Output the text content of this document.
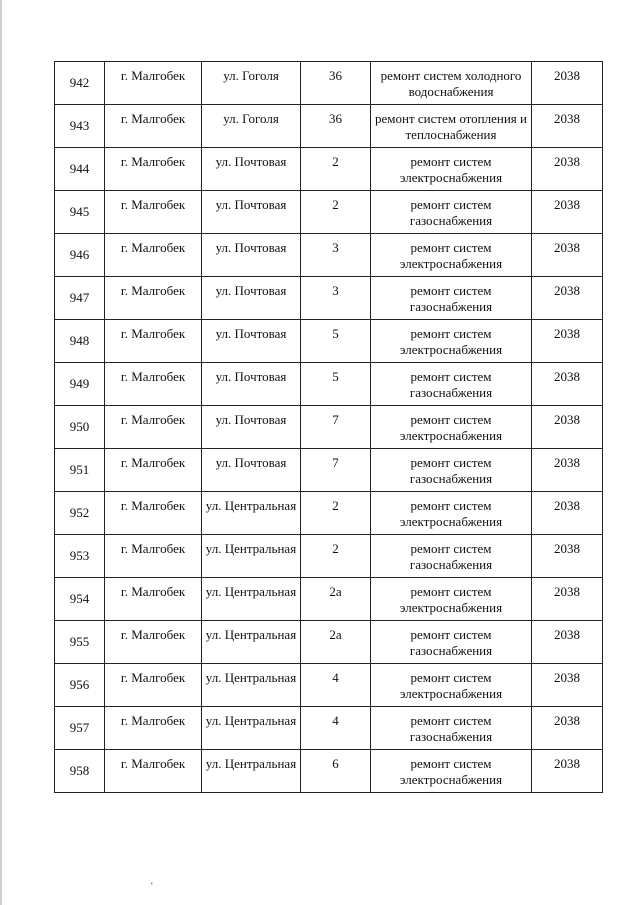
942	г. Малгобек	ул. Гоголя	36	ремонт систем холодного водоснабжения	2038
943	г. Малгобек	ул. Гоголя	36	ремонт систем отопления и теплоснабжения	2038
944	г. Малгобек	ул. Почтовая	2	ремонт систем электроснабжения	2038
945	г. Малгобек	ул. Почтовая	2	ремонт систем газоснабжения	2038
946	г. Малгобек	ул. Почтовая	3	ремонт систем электроснабжения	2038
947	г. Малгобек	ул. Почтовая	3	ремонт систем газоснабжения	2038
948	г. Малгобек	ул. Почтовая	5	ремонт систем электроснабжения	2038
949	г. Малгобек	ул. Почтовая	5	ремонт систем газоснабжения	2038
950	г. Малгобек	ул. Почтовая	7	ремонт систем электроснабжения	2038
951	г. Малгобек	ул. Почтовая	7	ремонт систем газоснабжения	2038
952	г. Малгобек	ул. Центральная	2	ремонт систем электроснабжения	2038
953	г. Малгобек	ул. Центральная	2	ремонт систем газоснабжения	2038
954	г. Малгобек	ул. Центральная	2а	ремонт систем электроснабжения	2038
955	г. Малгобек	ул. Центральная	2а	ремонт систем газоснабжения	2038
956	г. Малгобек	ул. Центральная	4	ремонт систем электроснабжения	2038
957	г. Малгобек	ул. Центральная	4	ремонт систем газоснабжения	2038
958	г. Малгобек	ул. Центральная	6	ремонт систем электроснабжения	2038
ʻ
